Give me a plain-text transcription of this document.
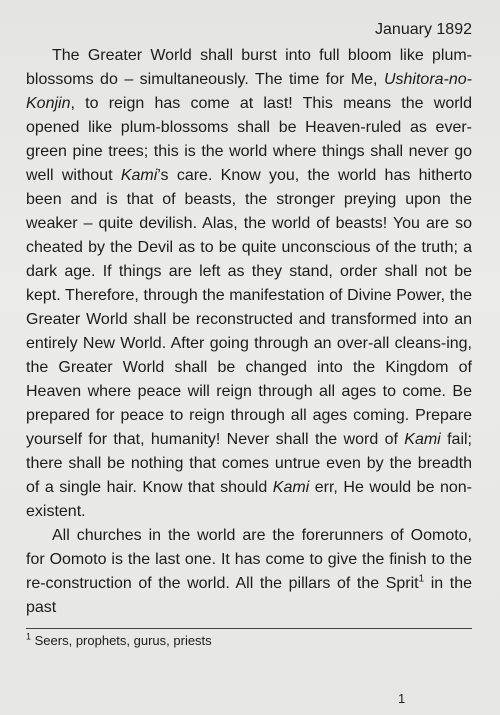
January 1892

The Greater World shall burst into full bloom like plum-blossoms do – simultaneously. The time for Me, Ushitora-no- Konjin, to reign has come at last! This means the world opened like plum-blossoms shall be Heaven-ruled as ever-green pine trees; this is the world where things shall never go well without Kami’s care. Know you, the world has hitherto been and is that of beasts, the stronger preying upon the weaker – quite devilish. Alas, the world of beasts! You are so cheated by the Devil as to be quite unconscious of the truth; a dark age. If things are left as they stand, order shall not be kept. Therefore, through the manifestation of Divine Power, the Greater World shall be reconstructed and transformed into an entirely New World. After going through an over-all cleans-ing, the Greater World shall be changed into the Kingdom of Heaven where peace will reign through all ages to come. Be prepared for peace to reign through all ages coming. Prepare yourself for that, humanity! Never shall the word of Kami fail; there shall be nothing that comes untrue even by the breadth of a single hair. Know that should Kami err, He would be non-existent.

All churches in the world are the forerunners of Oomoto, for Oomoto is the last one. It has come to give the finish to the re-construction of the world. All the pillars of the Sprit$^1$ in the past

$^1$ Seers, prophets, gurus, priests
1
